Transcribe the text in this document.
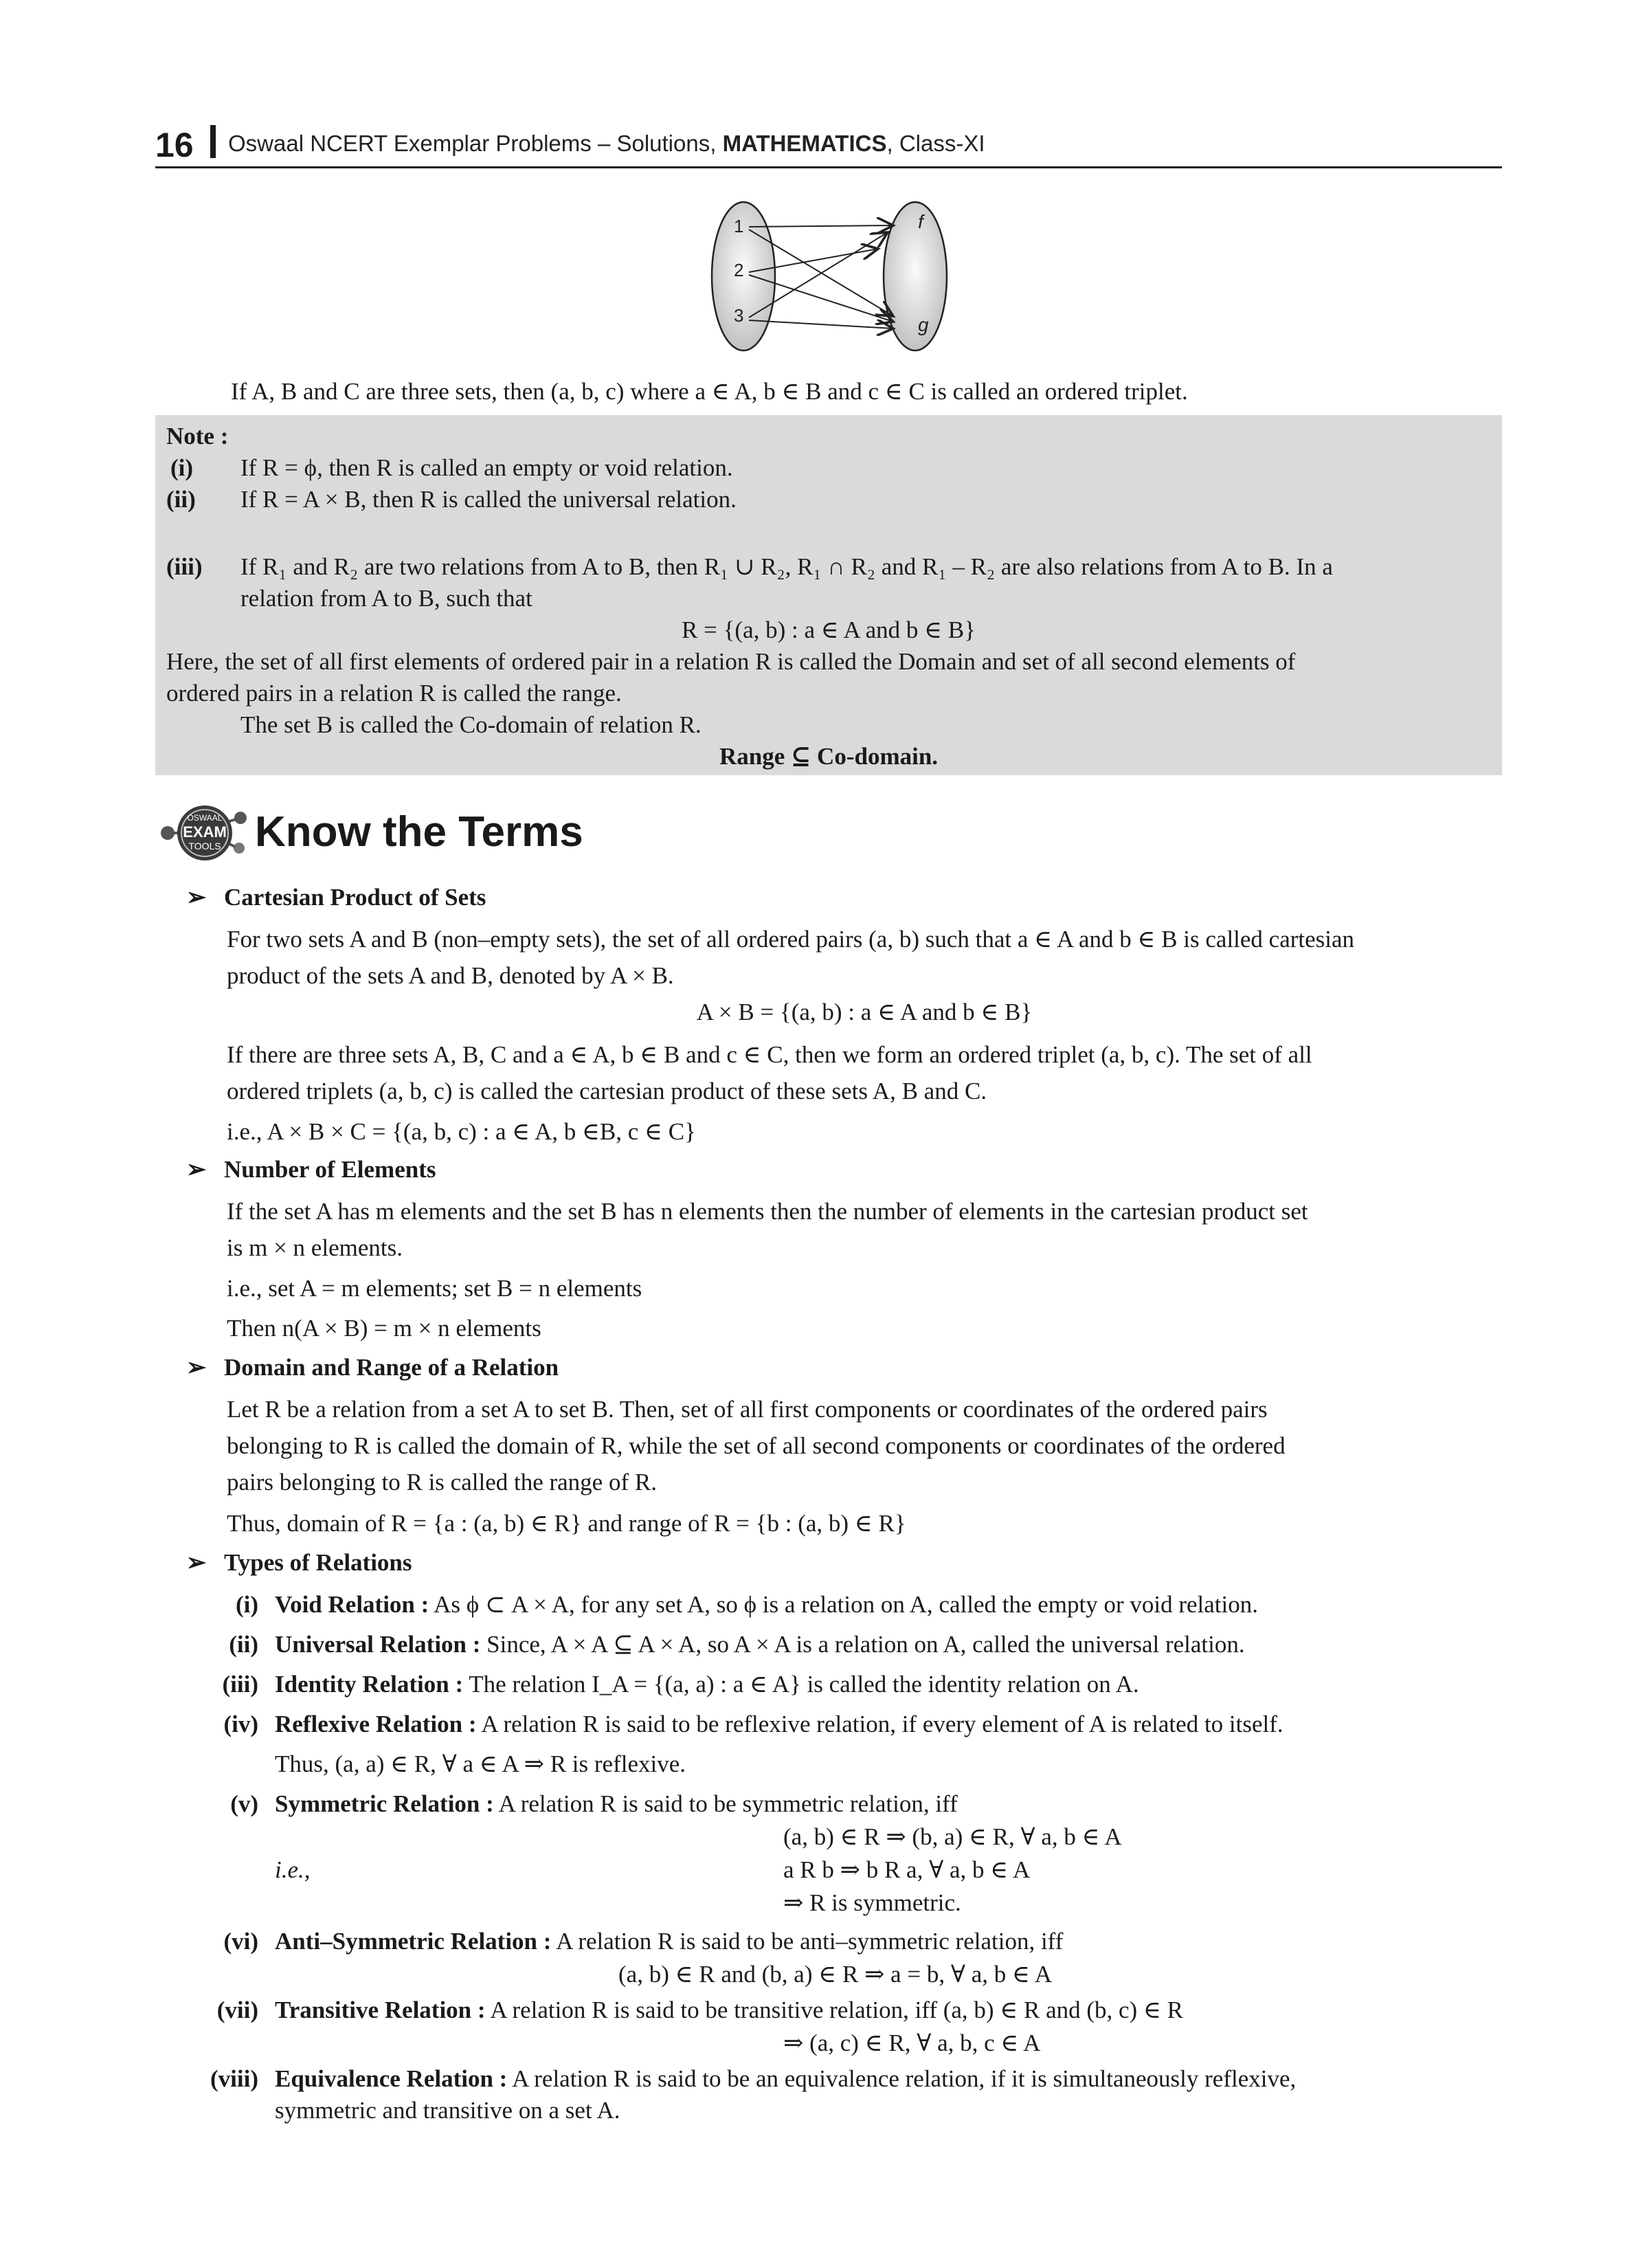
16 Oswaal NCERT Exemplar Problems – Solutions, MATHEMATICS, Class-XI
1
2
3
f
g
If A, B and C are three sets, then (a, b, c) where a ∈ A, b ∈ B and c ∈ C is called an ordered triplet.
Note :
(i) If R = ϕ, then R is called an empty or void relation.
(ii) If R = A × B, then R is called the universal relation.
(iii) If R₁ and R₂ are two relations from A to B, then R₁ ∪ R₂, R₁ ∩ R₂ and R₁ – R₂ are also relations from A to B. In a
relation from A to B, such that
R = {(a, b) : a ∈ A and b ∈ B}
Here, the set of all first elements of ordered pair in a relation R is called the Domain and set of all second elements of
ordered pairs in a relation R is called the range.
The set B is called the Co-domain of relation R.
Range ⊆ Co-domain.
OSWAAL
EXAM
TOOLS Know the Terms
➢ Cartesian Product of Sets
For two sets A and B (non–empty sets), the set of all ordered pairs (a, b) such that a ∈ A and b ∈ B is called cartesian
product of the sets A and B, denoted by A × B.
A × B = {(a, b) : a ∈ A and b ∈ B}
If there are three sets A, B, C and a ∈ A, b ∈ B and c ∈ C, then we form an ordered triplet (a, b, c). The set of all
ordered triplets (a, b, c) is called the cartesian product of these sets A, B and C.
i.e., A × B × C = {(a, b, c) : a ∈ A, b ∈B, c ∈ C}
➢ Number of Elements
If the set A has m elements and the set B has n elements then the number of elements in the cartesian product set
is m × n elements.
i.e., set A = m elements; set B = n elements
Then n(A × B) = m × n elements
➢ Domain and Range of a Relation
Let R be a relation from a set A to set B. Then, set of all first components or coordinates of the ordered pairs
belonging to R is called the domain of R, while the set of all second components or coordinates of the ordered
pairs belonging to R is called the range of R.
Thus, domain of R = {a : (a, b) ∈ R} and range of R = {b : (a, b) ∈ R}
➢ Types of Relations
(i) Void Relation : As ϕ ⊂ A × A, for any set A, so ϕ is a relation on A, called the empty or void relation.
(ii) Universal Relation : Since, A × A ⊆ A × A, so A × A is a relation on A, called the universal relation.
(iii) Identity Relation : The relation I_A = {(a, a) : a ∈ A} is called the identity relation on A.
(iv) Reflexive Relation : A relation R is said to be reflexive relation, if every element of A is related to itself.
Thus, (a, a) ∈ R, ∀ a ∈ A ⇒ R is reflexive.
(v) Symmetric Relation : A relation R is said to be symmetric relation, iff
(a, b) ∈ R ⇒ (b, a) ∈ R, ∀ a, b ∈ A
i.e.,	a R b ⇒ b R a, ∀ a, b ∈ A
⇒ R is symmetric.
(vi) Anti–Symmetric Relation : A relation R is said to be anti–symmetric relation, iff
(a, b) ∈ R and (b, a) ∈ R ⇒ a = b, ∀ a, b ∈ A
(vii) Transitive Relation : A relation R is said to be transitive relation, iff (a, b) ∈ R and (b, c) ∈ R
⇒ (a, c) ∈ R, ∀ a, b, c ∈ A
(viii) Equivalence Relation : A relation R is said to be an equivalence relation, if it is simultaneously reflexive,
symmetric and transitive on a set A.
